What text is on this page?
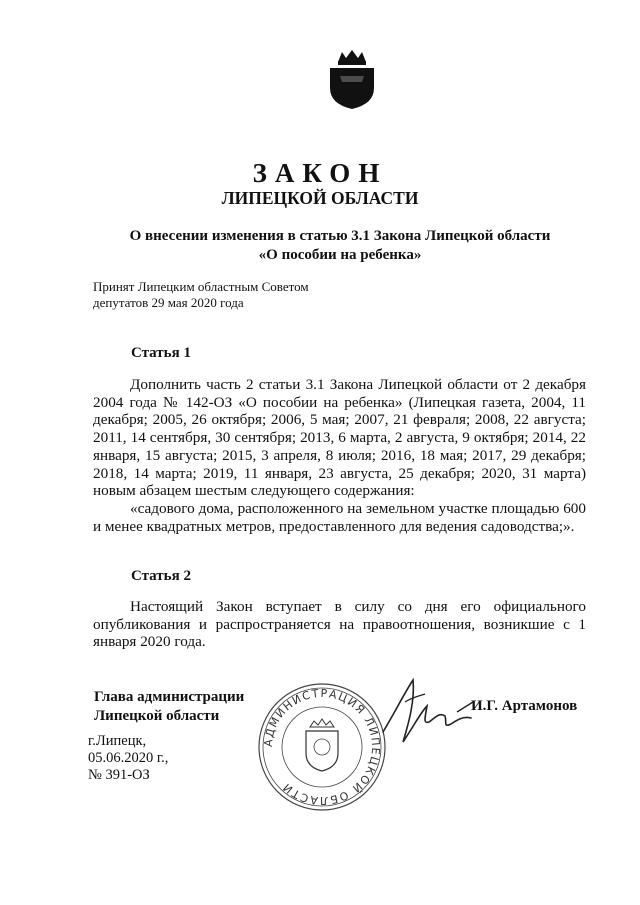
ЗАКОН
ЛИПЕЦКОЙ ОБЛАСТИ
О внесении изменения в статью 3.1 Закона Липецкой области
«О пособии на ребенка»
Принят Липецким областным Советом
депутатов 29 мая 2020 года
Статья 1

Дополнить часть 2 статьи 3.1 Закона Липецкой области от 2 декабря 2004 года № 142-ОЗ «О пособии на ребенка» (Липецкая газета, 2004, 11 декабря; 2005, 26 октября; 2006, 5 мая; 2007, 21 февраля; 2008, 22 августа; 2011, 14 сентября, 30 сентября; 2013, 6 марта, 2 августа, 9 октября; 2014, 22 января, 15 августа; 2015, 3 апреля, 8 июля; 2016, 18 мая; 2017, 29 декабря; 2018, 14 марта; 2019, 11 января, 23 августа, 25 декабря; 2020, 31 марта) новым абзацем шестым следующего содержания:

«садового дома, расположенного на земельном участке площадью 600 и менее квадратных метров, предоставленного для ведения садоводства;».

Статья 2

Настоящий Закон вступает в силу со дня его официального опубликования и распространяется на правоотношения, возникшие с 1 января 2020 года.

Глава администрации
Липецкой области
АДМИНИСТРАЦИЯ ЛИПЕЦКОЙ ОБЛАСТИ
И.Г. Артамонов
г.Липецк,
05.06.2020 г.,
№ 391-ОЗ
